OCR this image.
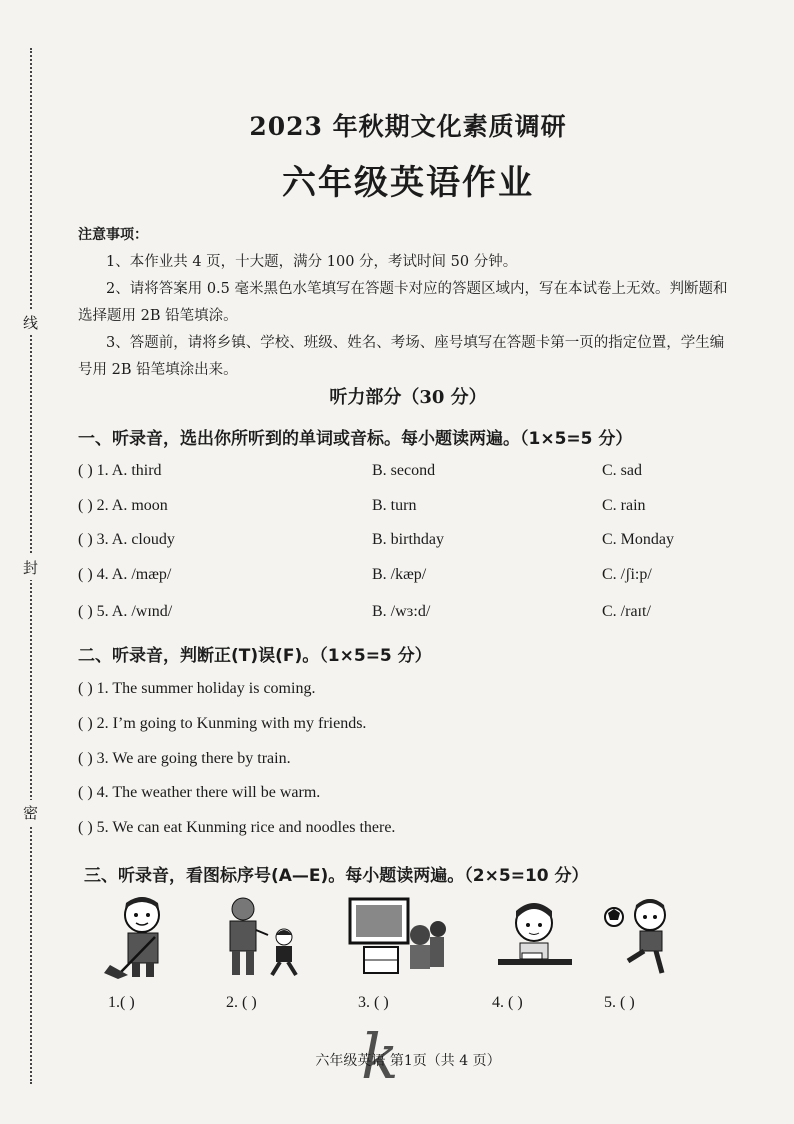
线
封
密
2023 年秋期文化素质调研
六年级英语作业
注意事项：

1、本作业共 4 页，十大题，满分 100 分，考试时间 50 分钟。

2、请将答案用 0.5 毫米黑色水笔填写在答题卡对应的答题区域内，写在本试卷上无效。判断题和选择题用 2B 铅笔填涂。

3、答题前，请将乡镇、学校、班级、姓名、考场、座号填写在答题卡第一页的指定位置，学生编号用 2B 铅笔填涂出来。

听力部分（30 分）
一、听录音，选出你所听到的单词或音标。每小题读两遍。（1×5=5 分）
( ) 1. A. third	B. second	C. sad
( ) 2. A. moon	B. turn	C. rain
( ) 3. A. cloudy	B. birthday	C. Monday
( ) 4. A. /mæp/	B. /kæp/	C. /ʃi:p/
( ) 5. A. /wɪnd/	B. /wɜ:d/	C. /raɪt/
二、听录音，判断正(T)误(F)。（1×5=5 分）
( ) 1. The summer holiday is coming.
( ) 2. I’m going to Kunming with my friends.
( ) 3. We are going there by train.
( ) 4. The weather there will be warm.
( ) 5. We can eat Kunming rice and noodles there.
三、听录音，看图标序号(A—E)。每小题读两遍。（2×5=10 分）
1.( )	2. ( )	3. ( )	4. ( )	5. ( )
k
六年级英语 第1页（共 4 页）
